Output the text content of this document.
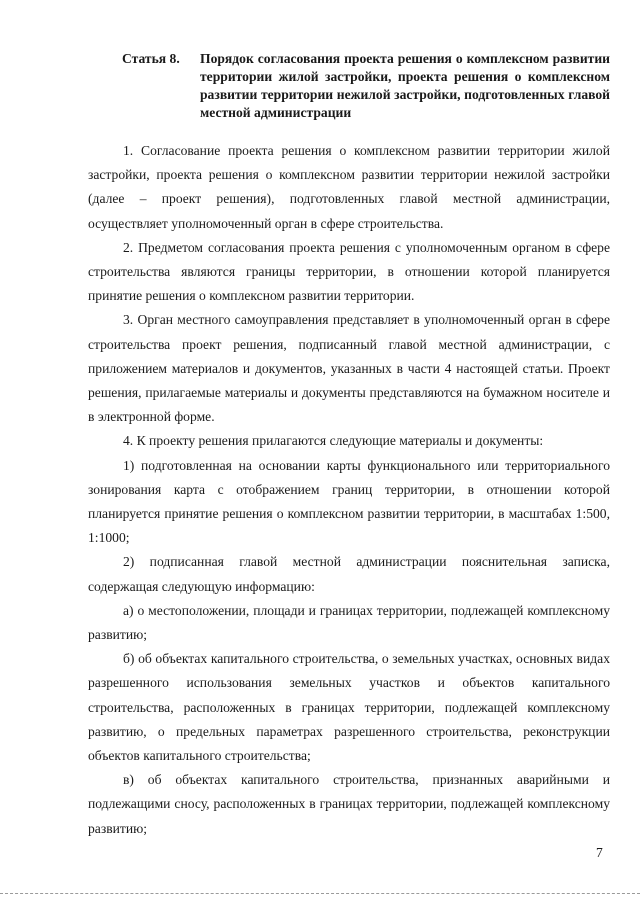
Статья 8.	Порядок согласования проекта решения о комплексном развитии территории жилой застройки, проекта решения о комплексном развитии территории нежилой застройки, подготовленных главой местной администрации

1. Согласование проекта решения о комплексном развитии территории жилой застройки, проекта решения о комплексном развитии территории нежилой застройки (далее – проект решения), подготовленных главой местной администрации, осуществляет уполномоченный орган в сфере строительства.

2. Предметом согласования проекта решения с уполномоченным органом в сфере строительства являются границы территории, в отношении которой планируется принятие решения о комплексном развитии территории.

3. Орган местного самоуправления представляет в уполномоченный орган в сфере строительства проект решения, подписанный главой местной администрации, с приложением материалов и документов, указанных в части 4 настоящей статьи. Проект решения, прилагаемые материалы и документы представляются на бумажном носителе и в электронной форме.

4. К проекту решения прилагаются следующие материалы и документы:

1) подготовленная на основании карты функционального или территориального зонирования карта с отображением границ территории, в отношении которой планируется принятие решения о комплексном развитии территории, в масштабах 1:500, 1:1000;

2) подписанная главой местной администрации пояснительная записка, содержащая следующую информацию:

а) о местоположении, площади и границах территории, подлежащей комплексному развитию;

б) об объектах капитального строительства, о земельных участках, основных видах разрешенного использования земельных участков и объектов капитального строительства, расположенных в границах территории, подлежащей комплексному развитию, о предельных параметрах разрешенного строительства, реконструкции объектов капитального строительства;

в) об объектах капитального строительства, признанных аварийными и подлежащими сносу, расположенных в границах территории, подлежащей комплексному развитию;

7
